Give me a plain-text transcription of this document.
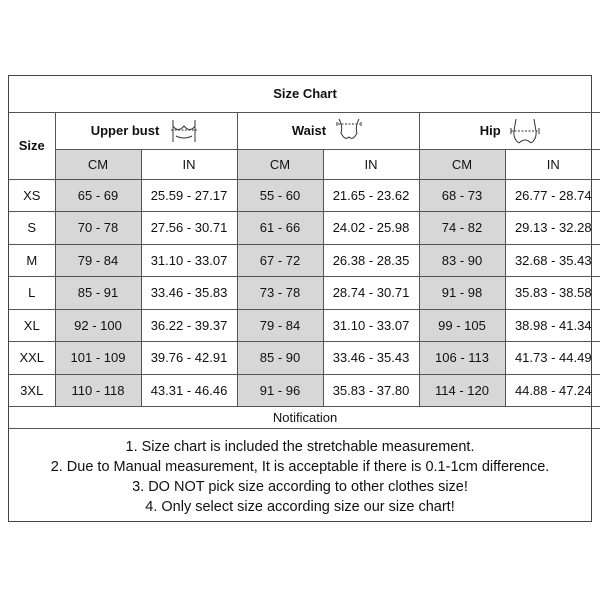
Size Chart						
Size	Upper bust		Waist		Hip	

	CM	IN	CM	IN	CM	IN
XS	65 - 69	25.59 - 27.17	55 - 60	21.65 - 23.62	68 - 73	26.77 - 28.74
S	70 - 78	27.56 - 30.71	61 - 66	24.02 - 25.98	74 - 82	29.13 - 32.28
M	79 - 84	31.10 - 33.07	67 - 72	26.38 - 28.35	83 - 90	32.68 - 35.43
L	85 - 91	33.46 - 35.83	73 - 78	28.74 - 30.71	91 - 98	35.83 - 38.58
XL	92 - 100	36.22 - 39.37	79 - 84	31.10 - 33.07	99 - 105	38.98 - 41.34
XXL	101 - 109	39.76 - 42.91	85 - 90	33.46 - 35.43	106 - 113	41.73 - 44.49
3XL	110 - 118	43.31 - 46.46	91 - 96	35.83 - 37.80	114 - 120	44.88 - 47.24
Notification						
1. Size chart is included the stretchable measurement.
2. Due to Manual measurement, It is acceptable if there is 0.1-1cm difference.
3. DO NOT pick size according to other clothes size!
4. Only select size according size our size chart!
